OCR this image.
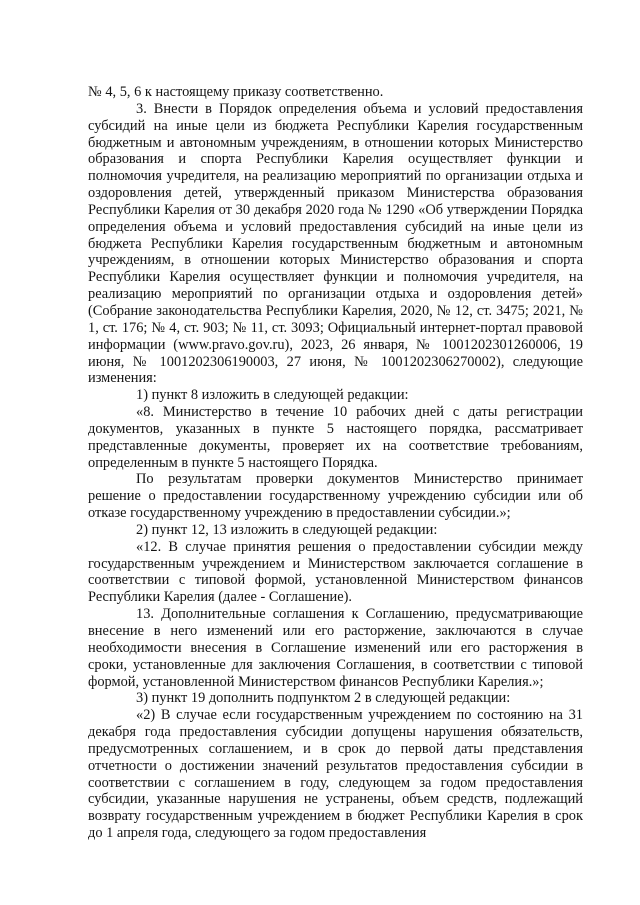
№ 4, 5, 6 к настоящему приказу соответственно.

3. Внести в Порядок определения объема и условий предоставления субсидий на иные цели из бюджета Республики Карелия государственным бюджетным и автономным учреждениям, в отношении которых Министерство образования и спорта Республики Карелия осуществляет функции и полномочия учредителя, на реализацию мероприятий по организации отдыха и оздоровления детей, утвержденный приказом Министерства образования Республики Карелия от 30 декабря 2020 года № 1290 «Об утверждении Порядка определения объема и условий предоставления субсидий на иные цели из бюджета Республики Карелия государственным бюджетным и автономным учреждениям, в отношении которых Министерство образования и спорта Республики Карелия осуществляет функции и полномочия учредителя, на реализацию мероприятий по организации отдыха и оздоровления детей» (Собрание законодательства Республики Карелия, 2020, № 12, ст. 3475; 2021, № 1, ст. 176; № 4, ст. 903; № 11, ст. 3093; Официальный интернет-портал правовой информации (www.pravo.gov.ru), 2023, 26 января, № 1001202301260006, 19 июня, № 1001202306190003, 27 июня, № 1001202306270002), следующие изменения:

1) пункт 8 изложить в следующей редакции:

«8. Министерство в течение 10 рабочих дней с даты регистрации документов, указанных в пункте 5 настоящего порядка, рассматривает представленные документы, проверяет их на соответствие требованиям, определенным в пункте 5 настоящего Порядка.

По результатам проверки документов Министерство принимает решение о предоставлении государственному учреждению субсидии или об отказе государственному учреждению в предоставлении субсидии.»;

2) пункт 12, 13 изложить в следующей редакции:

«12. В случае принятия решения о предоставлении субсидии между государственным учреждением и Министерством заключается соглашение в соответствии с типовой формой, установленной Министерством финансов Республики Карелия (далее - Соглашение).

13. Дополнительные соглашения к Соглашению, предусматривающие внесение в него изменений или его расторжение, заключаются в случае необходимости внесения в Соглашение изменений или его расторжения в сроки, установленные для заключения Соглашения, в соответствии с типовой формой, установленной Министерством финансов Республики Карелия.»;

3) пункт 19 дополнить подпунктом 2 в следующей редакции:

«2) В случае если государственным учреждением по состоянию на 31 декабря года предоставления субсидии допущены нарушения обязательств, предусмотренных соглашением, и в срок до первой даты представления отчетности о достижении значений результатов предоставления субсидии в соответствии с соглашением в году, следующем за годом предоставления субсидии, указанные нарушения не устранены, объем средств, подлежащий возврату государственным учреждением в бюджет Республики Карелия в срок до 1 апреля года, следующего за годом предоставления
